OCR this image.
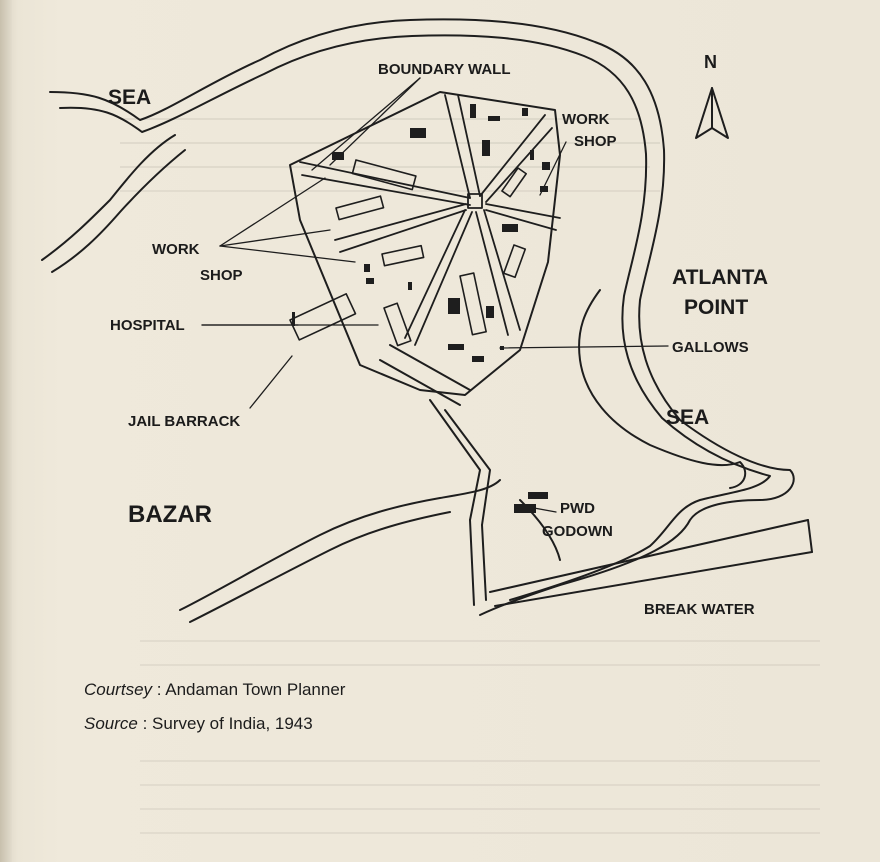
SEA
BOUNDARY WALL	N
WORK
SHOP
WORK
SHOP	ATLANTA
POINT
HOSPITAL
GALLOWS
JAIL BARRACK	SEA
BAZAR	PWD
GODOWN
BREAK WATER
Courtsey : Andaman Town Planner
Source : Survey of India, 1943
